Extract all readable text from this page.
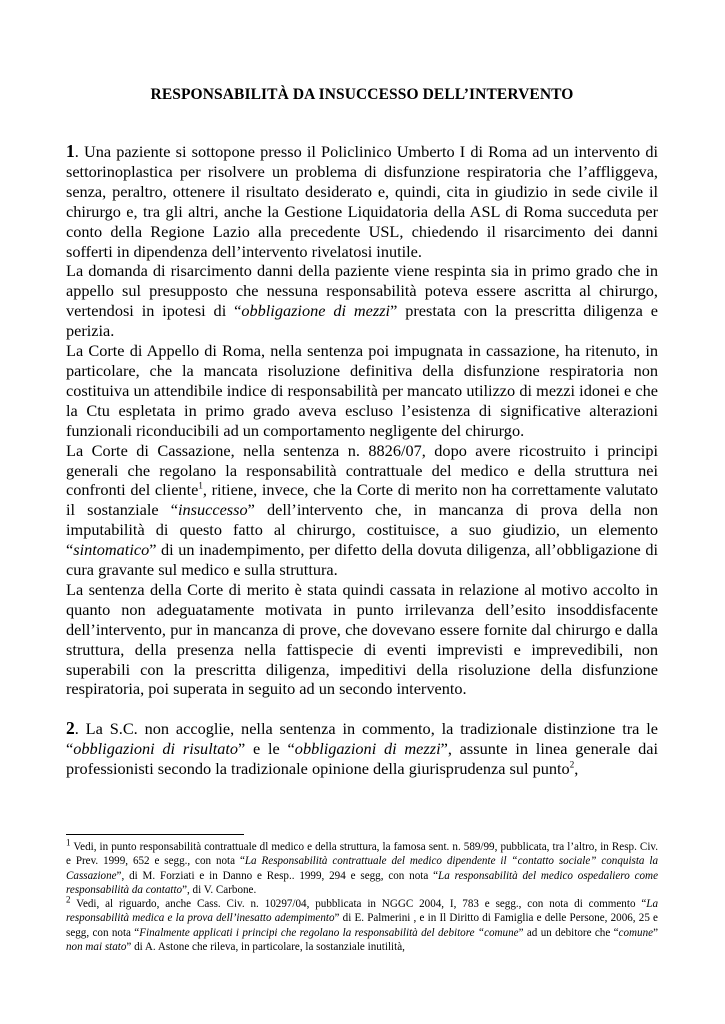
RESPONSABILITÀ DA INSUCCESSO DELL’INTERVENTO

1. Una paziente si sottopone presso il Policlinico Umberto I di Roma ad un intervento di settorinoplastica per risolvere un problema di disfunzione respiratoria che l’affliggeva, senza, peraltro, ottenere il risultato desiderato e, quindi, cita in giudizio in sede civile il chirurgo e, tra gli altri, anche la Gestione Liquidatoria della ASL di Roma succeduta per conto della Regione Lazio alla precedente USL, chiedendo il risarcimento dei danni sofferti in dipendenza dell’intervento rivelatosi inutile.

La domanda di risarcimento danni della paziente viene respinta sia in primo grado che in appello sul presupposto che nessuna responsabilità poteva essere ascritta al chirurgo, vertendosi in ipotesi di “obbligazione di mezzi” prestata con la prescritta diligenza e perizia.

La Corte di Appello di Roma, nella sentenza poi impugnata in cassazione, ha ritenuto, in particolare, che la mancata risoluzione definitiva della disfunzione respiratoria non costituiva un attendibile indice di responsabilità per mancato utilizzo di mezzi idonei e che la Ctu espletata in primo grado aveva escluso l’esistenza di significative alterazioni funzionali riconducibili ad un comportamento negligente del chirurgo.

La Corte di Cassazione, nella sentenza n. 8826/07, dopo avere ricostruito i principi generali che regolano la responsabilità contrattuale del medico e della struttura nei confronti del cliente$^1$, ritiene, invece, che la Corte di merito non ha correttamente valutato il sostanziale “insuccesso” dell’intervento che, in mancanza di prova della non imputabilità di questo fatto al chirurgo, costituisce, a suo giudizio, un elemento “sintomatico” di un inadempimento, per difetto della dovuta diligenza, all’obbligazione di cura gravante sul medico e sulla struttura.

La sentenza della Corte di merito è stata quindi cassata in relazione al motivo accolto in quanto non adeguatamente motivata in punto irrilevanza dell’esito insoddisfacente dell’intervento, pur in mancanza di prove, che dovevano essere fornite dal chirurgo e dalla struttura, della presenza nella fattispecie di eventi imprevisti e imprevedibili, non superabili con la prescritta diligenza, impeditivi della risoluzione della disfunzione respiratoria, poi superata in seguito ad un secondo intervento.

2. La S.C. non accoglie, nella sentenza in commento, la tradizionale distinzione tra le “obbligazioni di risultato” e le “obbligazioni di mezzi”, assunte in linea generale dai professionisti secondo la tradizionale opinione della giurisprudenza sul punto$^2$,

$^1$ Vedi, in punto responsabilità contrattuale dl medico e della struttura, la famosa sent. n. 589/99, pubblicata, tra l’altro, in Resp. Civ. e Prev. 1999, 652 e segg., con nota “La Responsabilità contrattuale del medico dipendente il “contatto sociale” conquista la Cassazione”, di M. Forziati e in Danno e Resp.. 1999, 294 e segg, con nota “La responsabilità del medico ospedaliero come responsabilità da contatto”, di V. Carbone.

$^2$ Vedi, al riguardo, anche Cass. Civ. n. 10297/04, pubblicata in NGGC 2004, I, 783 e segg., con nota di commento “La responsabilità medica e la prova dell’inesatto adempimento” di E. Palmerini , e in Il Diritto di Famiglia e delle Persone, 2006, 25 e segg, con nota “Finalmente applicati i principi che regolano la responsabilità del debitore “comune” ad un debitore che “comune” non mai stato” di A. Astone che rileva, in particolare, la sostanziale inutilità,
